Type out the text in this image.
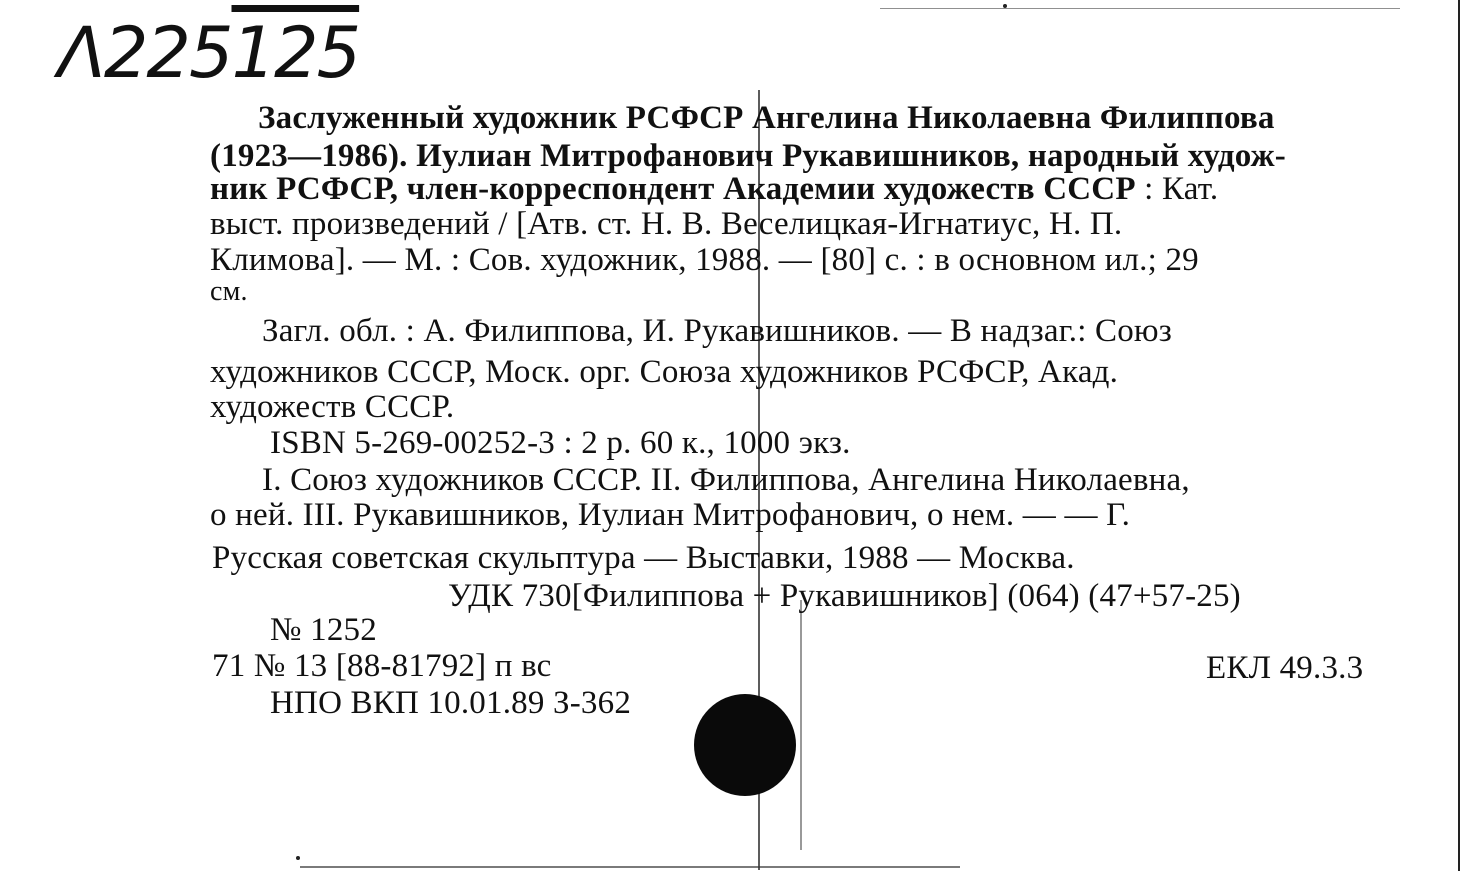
Λ225125
Заслуженный художник РСФСР Ангелина Николаевна Филиппова
(1923—1986). Иулиан Митрофанович Рукавишников, народный худож-
ник РСФСР, член-корреспондент Академии художеств СССР : Кат.
выст. произведений / [Атв. ст. Н. В. Веселицкая-Игнатиус, Н. П.
Климова]. — М. : Сов. художник, 1988. — [80] с. : в основном ил.; 29
см.
Загл. обл. : А. Филиппова, И. Рукавишников. — В надзаг.: Союз
художников СССР, Моск. орг. Союза художников РСФСР, Акад.
художеств СССР.
ISBN 5-269-00252-3 : 2 р. 60 к., 1000 экз.
I. Союз художников СССР. II. Филиппова, Ангелина Николаевна,
о ней. III. Рукавишников, Иулиан Митрофанович, о нем. — — Г.
Русская советская скульптура — Выставки, 1988 — Москва.
УДК 730[Филиппова + Рукавишников] (064) (47+57-25)
№ 1252
71 № 13 [88-81792] п вс	ЕКЛ 49.3.3
НПО ВКП 10.01.89 З-362
